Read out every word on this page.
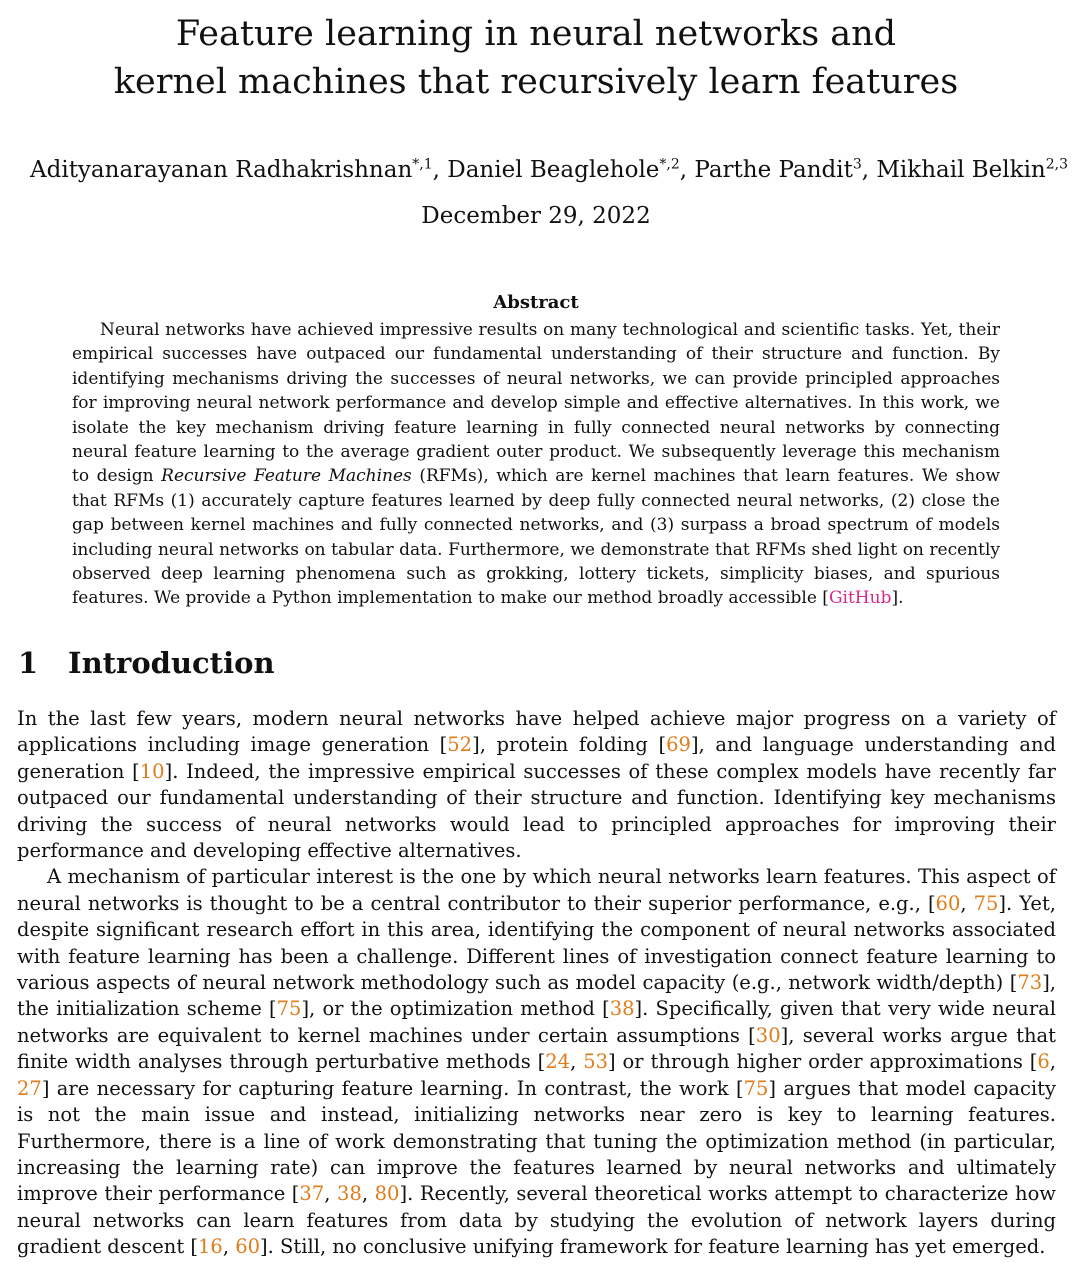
Feature learning in neural networks and
kernel machines that recursively learn features
Adityanarayanan Radhakrishnan$^{*,1}$, Daniel Beaglehole$^{*,2}$, Parthe Pandit$^3$, Mikhail Belkin$^{2,3}$
December 29, 2022
Abstract
Neural networks have achieved impressive results on many technological and scientific tasks. Yet, their empirical successes have outpaced our fundamental understanding of their structure and function. By identifying mechanisms driving the successes of neural networks, we can provide principled approaches for improving neural network performance and develop simple and effective alternatives. In this work, we isolate the key mechanism driving feature learning in fully connected neural networks by connecting neural feature learning to the average gradient outer product. We subsequently leverage this mechanism to design Recursive Feature Machines (RFMs), which are kernel machines that learn features. We show that RFMs (1) accurately capture features learned by deep fully connected neural networks, (2) close the gap between kernel machines and fully connected networks, and (3) surpass a broad spectrum of models including neural networks on tabular data. Furthermore, we demonstrate that RFMs shed light on recently observed deep learning phenomena such as grokking, lottery tickets, simplicity biases, and spurious features. We provide a Python implementation to make our method broadly accessible [GitHub].
1 Introduction

In the last few years, modern neural networks have helped achieve major progress on a variety of applications including image generation [52], protein folding [69], and language understanding and generation [10]. Indeed, the impressive empirical successes of these complex models have recently far outpaced our fundamental understanding of their structure and function. Identifying key mechanisms driving the success of neural networks would lead to principled approaches for improving their performance and developing effective alternatives.

A mechanism of particular interest is the one by which neural networks learn features. This aspect of neural networks is thought to be a central contributor to their superior performance, e.g., [60, 75]. Yet, despite significant research effort in this area, identifying the component of neural networks associated with feature learning has been a challenge. Different lines of investigation connect feature learning to various aspects of neural network methodology such as model capacity (e.g., network width/depth) [73], the initialization scheme [75], or the optimization method [38]. Specifically, given that very wide neural networks are equivalent to kernel machines under certain assumptions [30], several works argue that finite width analyses through perturbative methods [24, 53] or through higher order approximations [6, 27] are necessary for capturing feature learning. In contrast, the work [75] argues that model capacity is not the main issue and instead, initializing networks near zero is key to learning features. Furthermore, there is a line of work demonstrating that tuning the optimization method (in particular, increasing the learning rate) can improve the features learned by neural networks and ultimately improve their performance [37, 38, 80]. Recently, several theoretical works attempt to characterize how neural networks can learn features from data by studying the evolution of network layers during gradient descent [16, 60]. Still, no conclusive unifying framework for feature learning has yet emerged.
